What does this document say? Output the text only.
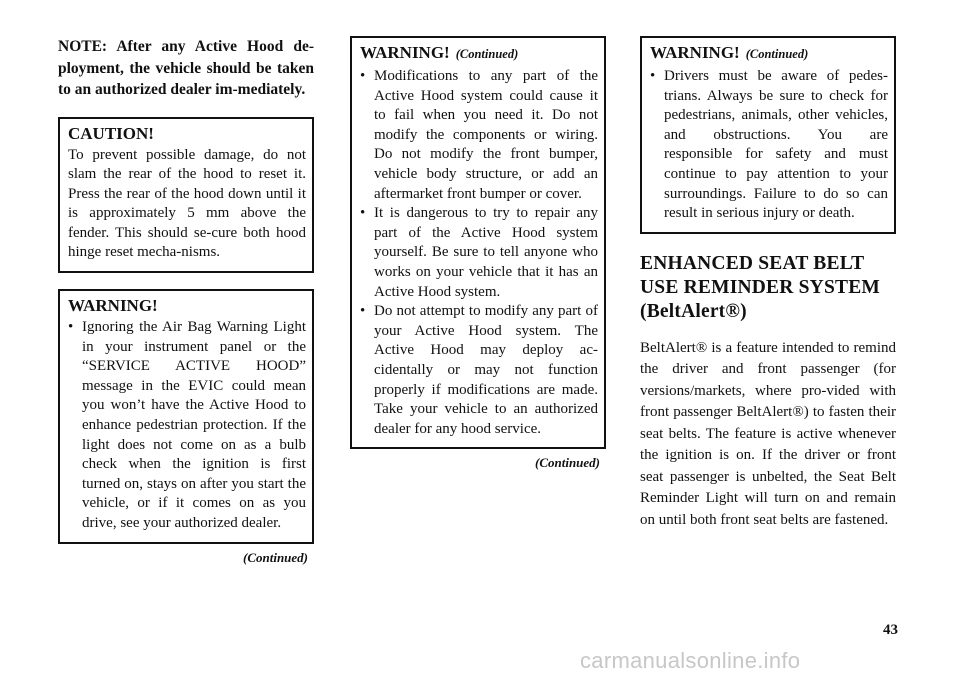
NOTE: After any Active Hood de-ployment, the vehicle should be taken to an authorized dealer im-mediately.

CAUTION!

To prevent possible damage, do not slam the rear of the hood to reset it. Press the rear of the hood down until it is approximately 5 mm above the fender. This should se-cure both hood hinge reset mecha-nisms.

WARNING!
• Ignoring the Air Bag Warning Light in your instrument panel or the “SERVICE ACTIVE HOOD” message in the EVIC could mean you won’t have the Active Hood to enhance pedestrian protection. If the light does not come on as a bulb check when the ignition is first turned on, stays on after you start the vehicle, or if it comes on as you drive, see your authorized dealer.
(Continued)
WARNING! (Continued)
• Modifications to any part of the Active Hood system could cause it to fail when you need it. Do not modify the components or wiring. Do not modify the front bumper, vehicle body structure, or add an aftermarket front bumper or cover.
• It is dangerous to try to repair any part of the Active Hood system yourself. Be sure to tell anyone who works on your vehicle that it has an Active Hood system.
• Do not attempt to modify any part of your Active Hood system. The Active Hood may deploy ac-cidentally or may not function properly if modifications are made. Take your vehicle to an authorized dealer for any hood service.
(Continued)
WARNING! (Continued)
• Drivers must be aware of pedes-trians. Always be sure to check for pedestrians, animals, other vehicles, and obstructions. You are responsible for safety and must continue to pay attention to your surroundings. Failure to do so can result in serious injury or death.
ENHANCED SEAT BELT
USE REMINDER SYSTEM
(BeltAlert®)

BeltAlert® is a feature intended to remind the driver and front passenger (for versions/markets, where pro-vided with front passenger BeltAlert®) to fasten their seat belts. The feature is active whenever the ignition is on. If the driver or front seat passenger is unbelted, the Seat Belt Reminder Light will turn on and remain on until both front seat belts are fastened.

43
carmanualsonline.info
